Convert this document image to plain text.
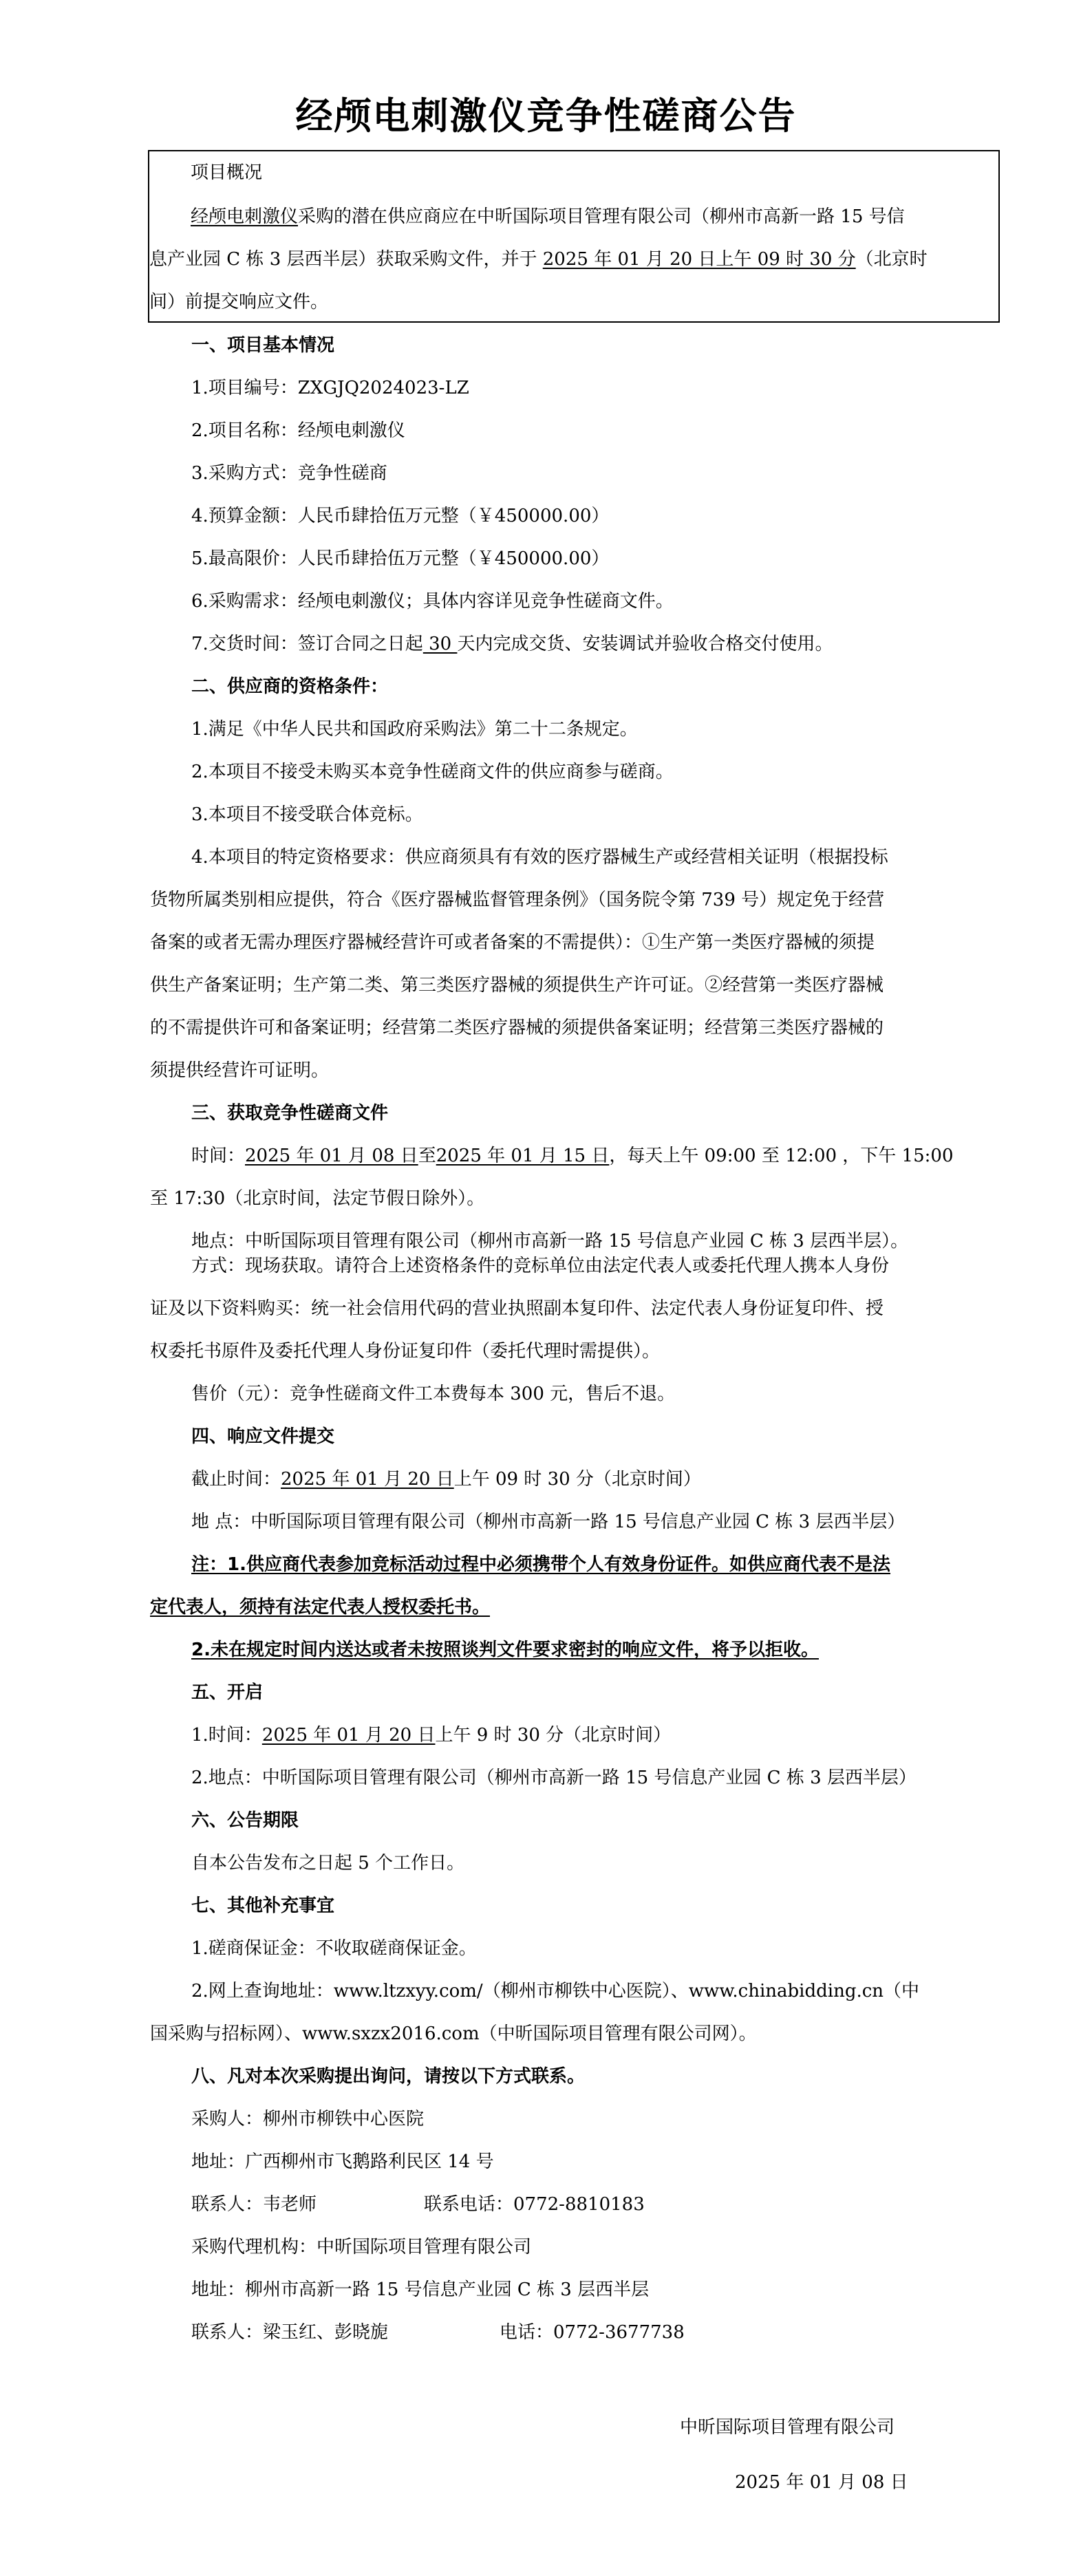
经颅电刺激仪竞争性磋商公告
项目概况
经颅电刺激仪采购的潜在供应商应在中昕国际项目管理有限公司（柳州市高新一路 15 号信
息产业园 C 栋 3 层西半层）获取采购文件，并于 2025 年 01 月 20 日上午 09 时 30 分（北京时
间）前提交响应文件。
一、项目基本情况
1.项目编号：ZXGJQ2024023-LZ
2.项目名称：经颅电刺激仪
3.采购方式：竞争性磋商
4.预算金额：人民币肆拾伍万元整（￥450000.00）
5.最高限价：人民币肆拾伍万元整（￥450000.00）
6.采购需求：经颅电刺激仪；具体内容详见竞争性磋商文件。
7.交货时间：签订合同之日起 30 天内完成交货、安装调试并验收合格交付使用。
二、供应商的资格条件：
1.满足《中华人民共和国政府采购法》第二十二条规定。
2.本项目不接受未购买本竞争性磋商文件的供应商参与磋商。
3.本项目不接受联合体竞标。
4.本项目的特定资格要求：供应商须具有有效的医疗器械生产或经营相关证明（根据投标
货物所属类别相应提供，符合《医疗器械监督管理条例》（国务院令第 739 号）规定免于经营
备案的或者无需办理医疗器械经营许可或者备案的不需提供）：①生产第一类医疗器械的须提
供生产备案证明；生产第二类、第三类医疗器械的须提供生产许可证。②经营第一类医疗器械
的不需提供许可和备案证明；经营第二类医疗器械的须提供备案证明；经营第三类医疗器械的
须提供经营许可证明。
三、获取竞争性磋商文件
时间：2025 年 01 月 08 日至2025 年 01 月 15 日，每天上午 09:00 至 12:00 ，下午 15:00
至 17:30（北京时间，法定节假日除外）。
地点：中昕国际项目管理有限公司（柳州市高新一路 15 号信息产业园 C 栋 3 层西半层）。
方式：现场获取。请符合上述资格条件的竞标单位由法定代表人或委托代理人携本人身份
证及以下资料购买：统一社会信用代码的营业执照副本复印件、法定代表人身份证复印件、授
权委托书原件及委托代理人身份证复印件（委托代理时需提供）。
售价（元）：竞争性磋商文件工本费每本 300 元，售后不退。
四、响应文件提交
截止时间：2025 年 01 月 20 日上午 09 时 30 分（北京时间）
地 点：中昕国际项目管理有限公司（柳州市高新一路 15 号信息产业园 C 栋 3 层西半层）
注：1.供应商代表参加竞标活动过程中必须携带个人有效身份证件。如供应商代表不是法
定代表人，须持有法定代表人授权委托书。
2.未在规定时间内送达或者未按照谈判文件要求密封的响应文件，将予以拒收。
五、开启
1.时间：2025 年 01 月 20 日上午 9 时 30 分（北京时间）
2.地点：中昕国际项目管理有限公司（柳州市高新一路 15 号信息产业园 C 栋 3 层西半层）
六、公告期限
自本公告发布之日起 5 个工作日。
七、其他补充事宜
1.磋商保证金：不收取磋商保证金。
2.网上查询地址：www.ltzxyy.com/（柳州市柳铁中心医院）、www.chinabidding.cn（中
国采购与招标网）、www.sxzx2016.com（中昕国际项目管理有限公司网）。
八、凡对本次采购提出询问，请按以下方式联系。
采购人：柳州市柳铁中心医院
地址：广西柳州市飞鹅路利民区 14 号
联系人：韦老师	联系电话：0772-8810183
采购代理机构：中昕国际项目管理有限公司
地址：柳州市高新一路 15 号信息产业园 C 栋 3 层西半层
联系人：梁玉红、彭晓旎	电话：0772-3677738
中昕国际项目管理有限公司
2025 年 01 月 08 日
